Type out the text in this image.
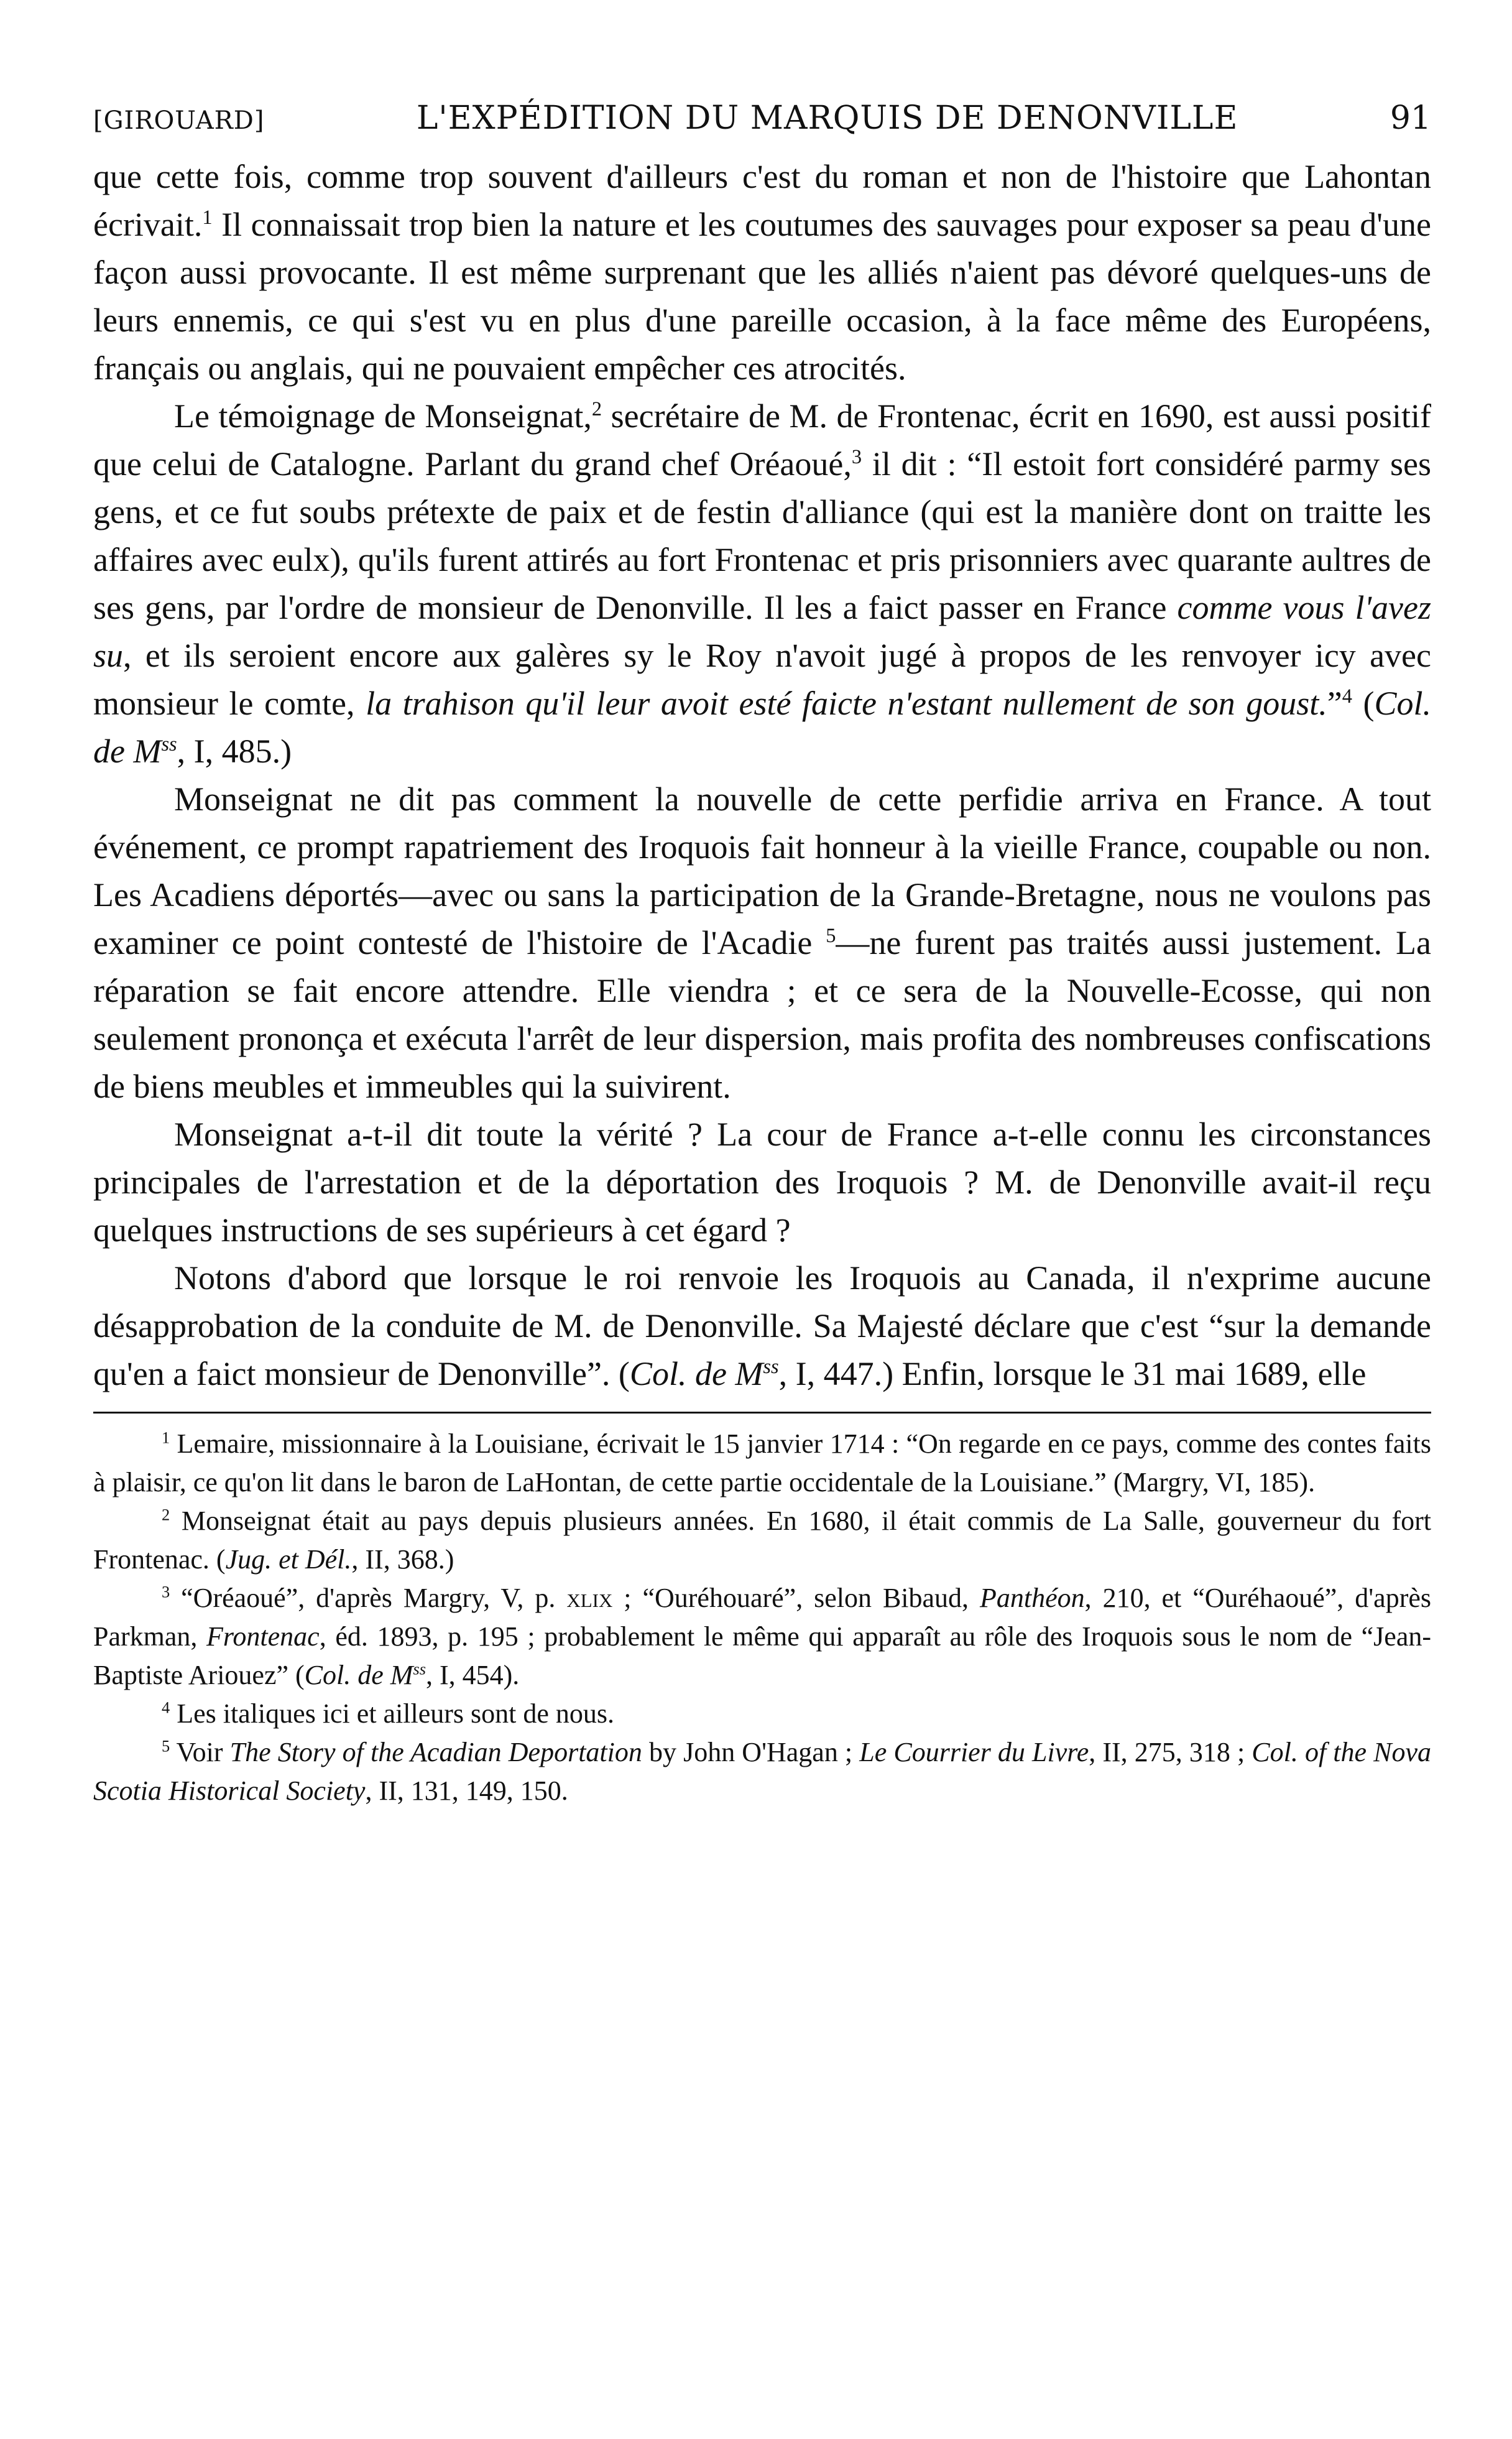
[GIROUARD]	L'EXPÉDITION DU MARQUIS DE DENONVILLE	91

que cette fois, comme trop souvent d'ailleurs c'est du roman et non de l'histoire que Lahontan écrivait.$^1$ Il connaissait trop bien la nature et les coutumes des sauvages pour exposer sa peau d'une façon aussi provocante. Il est même surprenant que les alliés n'aient pas dévoré quelques-uns de leurs ennemis, ce qui s'est vu en plus d'une pareille occasion, à la face même des Européens, français ou anglais, qui ne pouvaient empêcher ces atrocités.

Le témoignage de Monseignat,$^2$ secrétaire de M. de Frontenac, écrit en 1690, est aussi positif que celui de Catalogne. Parlant du grand chef Oréaoué,$^3$ il dit : “Il estoit fort considéré parmy ses gens, et ce fut soubs prétexte de paix et de festin d'alliance (qui est la manière dont on traitte les affaires avec eulx), qu'ils furent attirés au fort Frontenac et pris prisonniers avec quarante aultres de ses gens, par l'ordre de monsieur de Denonville. Il les a faict passer en France comme vous l'avez su, et ils seroient encore aux galères sy le Roy n'avoit jugé à propos de les renvoyer icy avec monsieur le comte, la trahison qu'il leur avoit esté faicte n'estant nullement de son goust.”$^4$ (Col. de $M^{ss}$, I, 485.)

Monseignat ne dit pas comment la nouvelle de cette perfidie arriva en France. A tout événement, ce prompt rapatriement des Iroquois fait honneur à la vieille France, coupable ou non. Les Acadiens déportés—avec ou sans la participation de la Grande-Bretagne, nous ne voulons pas examiner ce point contesté de l'histoire de l'Acadie $^5$—ne furent pas traités aussi justement. La réparation se fait encore attendre. Elle viendra ; et ce sera de la Nouvelle-Ecosse, qui non seulement prononça et exécuta l'arrêt de leur dispersion, mais profita des nombreuses confiscations de biens meubles et immeubles qui la suivirent.

Monseignat a-t-il dit toute la vérité ? La cour de France a-t-elle connu les circonstances principales de l'arrestation et de la déportation des Iroquois ? M. de Denonville avait-il reçu quelques instructions de ses supérieurs à cet égard ?

Notons d'abord que lorsque le roi renvoie les Iroquois au Canada, il n'exprime aucune désapprobation de la conduite de M. de Denonville. Sa Majesté déclare que c'est “sur la demande qu'en a faict monsieur de Denonville”. (Col. de $M^{ss}$, I, 447.) Enfin, lorsque le 31 mai 1689, elle

$^1$ Lemaire, missionnaire à la Louisiane, écrivait le 15 janvier 1714 : “On regarde en ce pays, comme des contes faits à plaisir, ce qu'on lit dans le baron de LaHontan, de cette partie occidentale de la Louisiane.” (Margry, VI, 185).

$^2$ Monseignat était au pays depuis plusieurs années. En 1680, il était commis de La Salle, gouverneur du fort Frontenac. (Jug. et Dél., II, 368.)

$^3$ “Oréaoué”, d'après Margry, V, p. xlix ; “Ouréhouaré”, selon Bibaud, Panthéon, 210, et “Ouréhaoué”, d'après Parkman, Frontenac, éd. 1893, p. 195 ; probablement le même qui apparaît au rôle des Iroquois sous le nom de “Jean-Baptiste Ariouez” (Col. de $M^{ss}$, I, 454).

$^4$ Les italiques ici et ailleurs sont de nous.

$^5$ Voir The Story of the Acadian Deportation by John O'Hagan ; Le Courrier du Livre, II, 275, 318 ; Col. of the Nova Scotia Historical Society, II, 131, 149, 150.
